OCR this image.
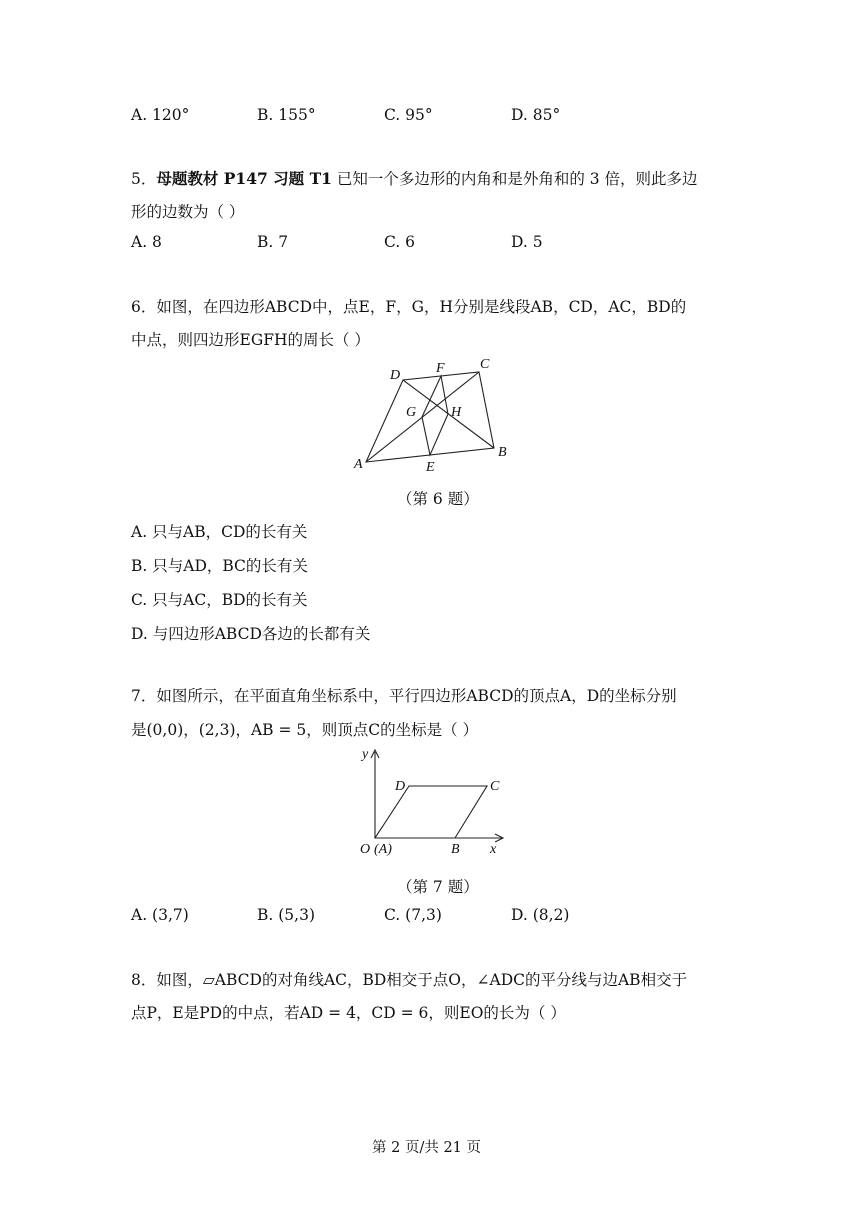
A. 120°	B. 155°	C. 95°	D. 85°
5．母题教材 P147 习题 T1 已知一个多边形的内角和是外角和的 3 倍，则此多边
形的边数为（ ）
A. 8	B. 7	C. 6	D. 5
6．如图，在四边形ABCD中，点E，F，G，H分别是线段AB，CD，AC，BD的
中点，则四边形EGFH的周长（ ）
A
B
C
D
E
F
G H
（第 6 题）
A. 只与AB，CD的长有关
B. 只与AD，BC的长有关
C. 只与AC，BD的长有关
D. 与四边形ABCD各边的长都有关
7．如图所示，在平面直角坐标系中，平行四边形ABCD的顶点A，D的坐标分别
是(0,0)，(2,3)，AB = 5，则顶点C的坐标是（ ）
y
x
O (A)	B
C
D
（第 7 题）
A. (3,7)	B. (5,3)	C. (7,3)	D. (8,2)
8．如图，▱ABCD的对角线AC，BD相交于点O，∠ADC的平分线与边AB相交于
点P，E是PD的中点，若AD = 4，CD = 6，则EO的长为（ ）
第 2 页/共 21 页
